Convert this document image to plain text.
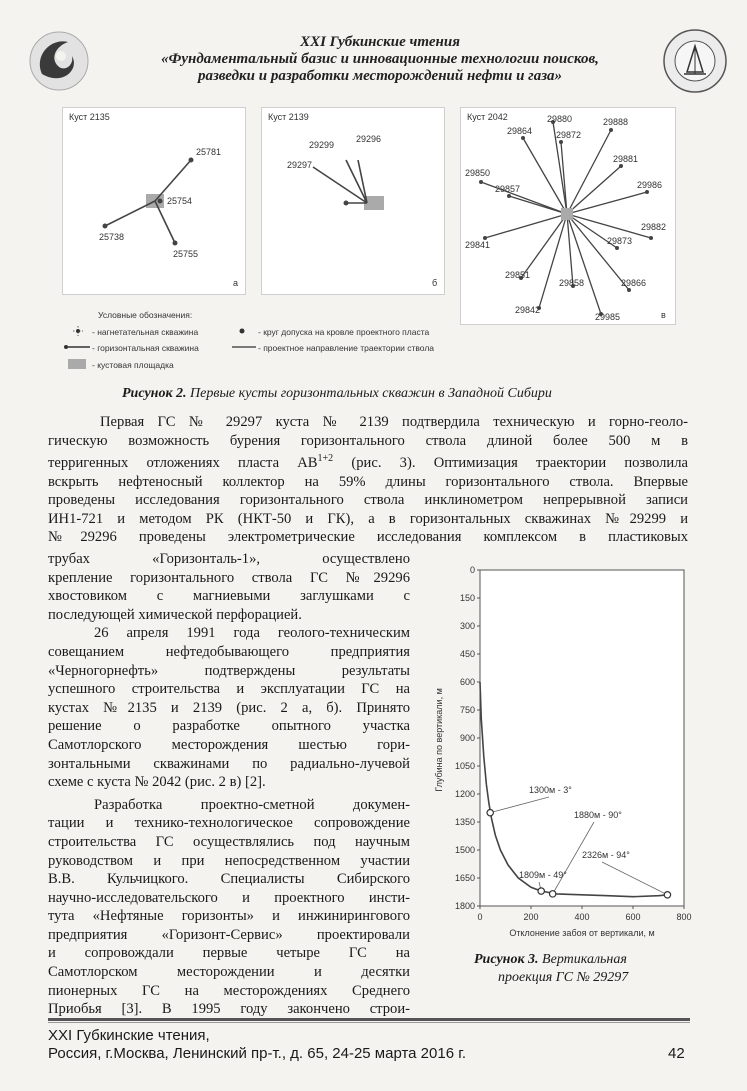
XXI Губкинские чтения
«Фундаментальный базис и инновационные технологии поисков,
разведки и разработки месторождений нефти и газа»
Куст 2135
25781
25754
25738
25755
а
Куст 2139
29299
29296
29297
б
Куст 2042	29880	29888
29864	29872
29881
29850
29857	29986
29882
29873
29841
29851
29858	29866
29842
29985	в
Условные обозначения:
- нагнетательная скважина
- горизонтальная скважина
- кустовая площадка
- круг допуска на кровле проектного пласта
- проектное направление траектории ствола
Рисунок 2. Первые кусты горизонтальных скважин в Западной Сибири
Первая ГС № 29297 куста № 2139 подтвердила техническую и горно-геоло-
гическую возможность бурения горизонтального ствола длиной более 500 м в
терригенных отложениях пласта $АВ^{1+2}$ (рис. 3). Оптимизация траектории позволила
вскрыть нефтеносный коллектор на 59% длины горизонтального ствола. Впервые
проведены исследования горизонтального ствола инклинометром непрерывной записи
ИН1-721 и методом РК (НКТ-50 и ГК), а в горизонтальных скважинах №29299 и
№29296 проведены электрометрические исследования комплексом в пластиковых
трубах «Горизонталь-1», осуществлено
крепление горизонтального ствола ГС №29296
хвостовиком с магниевыми заглушками с
последующей химической перфорацией.
26 апреля 1991 года геолого-техническим
совещанием нефтедобывающего предприятия
«Черногорнефть» подтверждены результаты
успешного строительства и эксплуатации ГС на
кустах №2135 и 2139 (рис. 2 а, б). Принято
решение о разработке опытного участка
Самотлорского месторождения шестью гори-
зонтальными скважинами по радиально-лучевой
схеме с куста № 2042 (рис. 2 в) [2].
Разработка проектно-сметной докумен-
тации и технико-технологическое сопровождение
строительства ГС осуществлялись под научным
руководством и при непосредственном участии
В.В. Кульчицкого. Специалисты Сибирского
научно-исследовательского и проектного инсти-
тута «Нефтяные горизонты» и инжинирингового
предприятия «Горизонт-Сервис» проектировали
и сопровождали первые четыре ГС на
Самотлорском месторождении и десятки
пионерных ГС на месторождениях Среднего
Приобья [3]. В 1995 году закончено строи-
0
150
300
450
600
750
900
1050
1200
1350
1500
1650
1800
0	200	400	600	800
1300м - 3°
1809м - 49°
1880м - 90°
2326м - 94°
Глубина по вертикали, м
Отклонение забоя от вертикали, м
Рисунок 3. Вертикальная
проекция ГС № 29297
XXI Губкинские чтения,
Россия, г.Москва, Ленинский пр-т., д. 65, 24-25 марта 2016 г.	42
